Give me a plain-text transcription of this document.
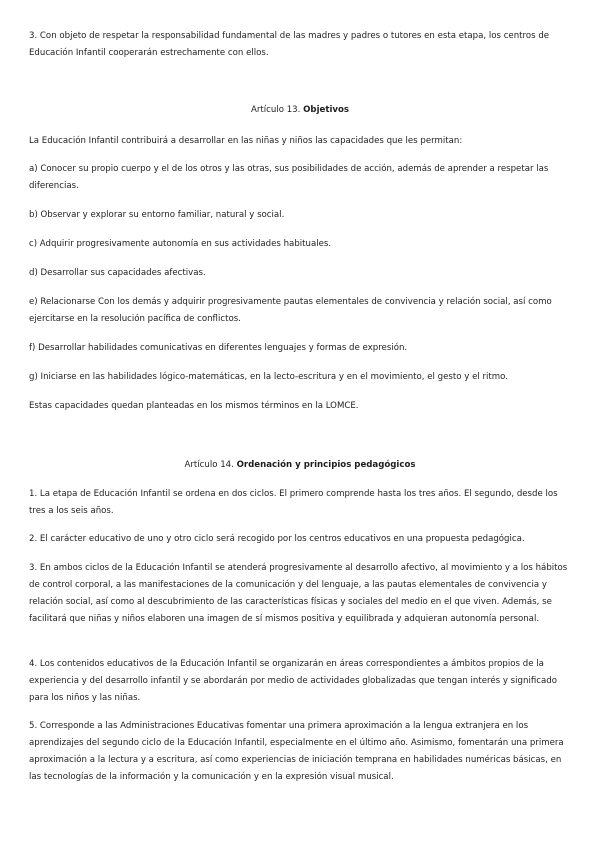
3. Con objeto de respetar la responsabilidad fundamental de las madres y padres o tutores en esta etapa, los centros de Educación Infantil cooperarán estrechamente con ellos.

Artículo 13. Objetivos

La Educación Infantil contribuirá a desarrollar en las niñas y niños las capacidades que les permitan:

a) Conocer su propio cuerpo y el de los otros y las otras, sus posibilidades de acción, además de aprender a respetar las diferencias.

b) Observar y explorar su entorno familiar, natural y social.

c) Adquirir progresivamente autonomía en sus actividades habituales.

d) Desarrollar sus capacidades afectivas.

e) Relacionarse Con los demás y adquirir progresivamente pautas elementales de convivencia y relación social, así como ejercitarse en la resolución pacífica de conflictos.

f) Desarrollar habilidades comunicativas en diferentes lenguajes y formas de expresión.

g) Iniciarse en las habilidades lógico-matemáticas, en la lecto-escritura y en el movimiento, el gesto y el ritmo.

Estas capacidades quedan planteadas en los mismos términos en la LOMCE.

Artículo 14. Ordenación y principios pedagógicos

1. La etapa de Educación Infantil se ordena en dos ciclos. El primero comprende hasta los tres años. El segundo, desde los tres a los seis años.

2. El carácter educativo de uno y otro ciclo será recogido por los centros educativos en una propuesta pedagógica.

3. En ambos ciclos de la Educación Infantil se atenderá progresivamente al desarrollo afectivo, al movimiento y a los hábitos de control corporal, a las manifestaciones de la comunicación y del lenguaje, a las pautas elementales de convivencia y relación social, así como al descubrimiento de las características físicas y sociales del medio en el que viven. Además, se facilitará que niñas y niños elaboren una imagen de sí mismos positiva y equilibrada y adquieran autonomía personal.

4. Los contenidos educativos de la Educación Infantil se organizarán en áreas correspondientes a ámbitos propios de la experiencia y del desarrollo infantil y se abordarán por medio de actividades globalizadas que tengan interés y significado para los niños y las niñas.

5. Corresponde a las Administraciones Educativas fomentar una primera aproximación a la lengua extranjera en los aprendizajes del segundo ciclo de la Educación Infantil, especialmente en el último año. Asimismo, fomentarán una primera aproximación a la lectura y a escritura, así como experiencias de iniciación temprana en habilidades numéricas básicas, en las tecnologías de la información y la comunicación y en la expresión visual musical.
